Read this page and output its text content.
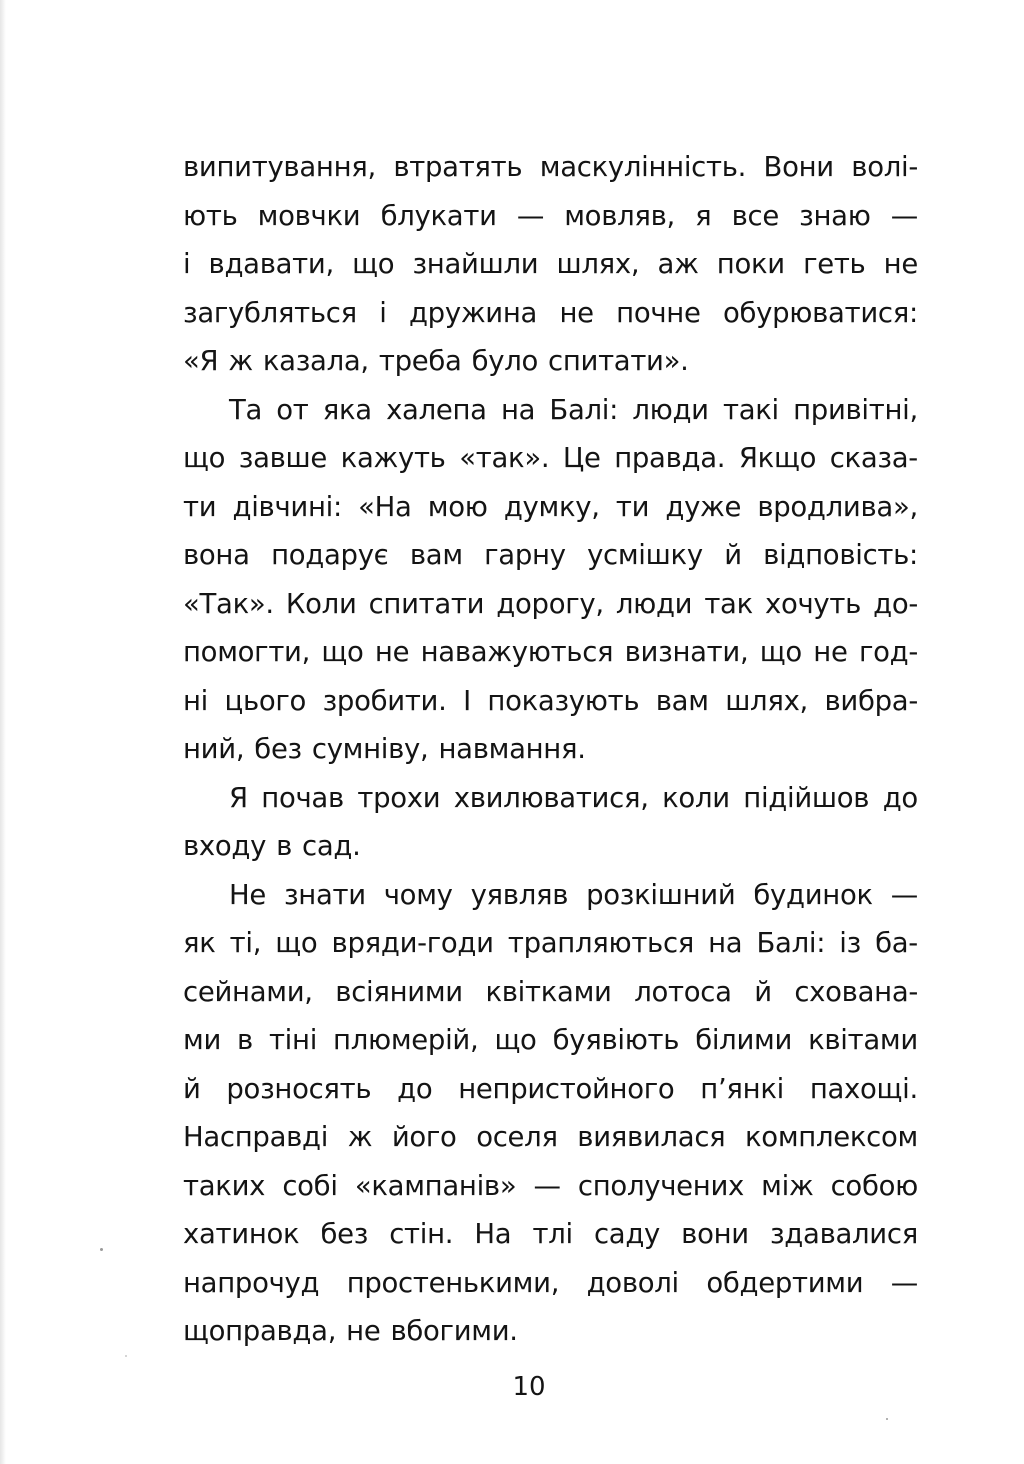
випитування, втратять маскулінність. Вони волі-
ють мовчки блукати — мовляв, я все знаю —
і вдавати, що знайшли шлях, аж поки геть не
загубляться і дружина не почне обурюватися:
«Я ж казала, треба було спитати».
Та от яка халепа на Балі: люди такі привітні,
що завше кажуть «так». Це правда. Якщо сказа-
ти дівчині: «На мою думку, ти дуже вродлива»,
вона подарує вам гарну усмішку й відповість:
«Так». Коли спитати дорогу, люди так хочуть до-
помогти, що не наважуються визнати, що не год-
ні цього зробити. І показують вам шлях, вибра-
ний, без сумніву, навмання.
Я почав трохи хвилюватися, коли підійшов до
входу в сад.
Не знати чому уявляв розкішний будинок —
як ті, що вряди-годи трапляються на Балі: із ба-
сейнами, всіяними квітками лотоса й схована-
ми в тіні плюмерій, що буявіють білими квітами
й розносять до непристойного п’янкі пахощі.
Насправді ж його оселя виявилася комплексом
таких собі «кампанів» — сполучених між собою
хатинок без стін. На тлі саду вони здавалися
напрочуд простенькими, доволі обдертими —
щоправда, не вбогими.
10
